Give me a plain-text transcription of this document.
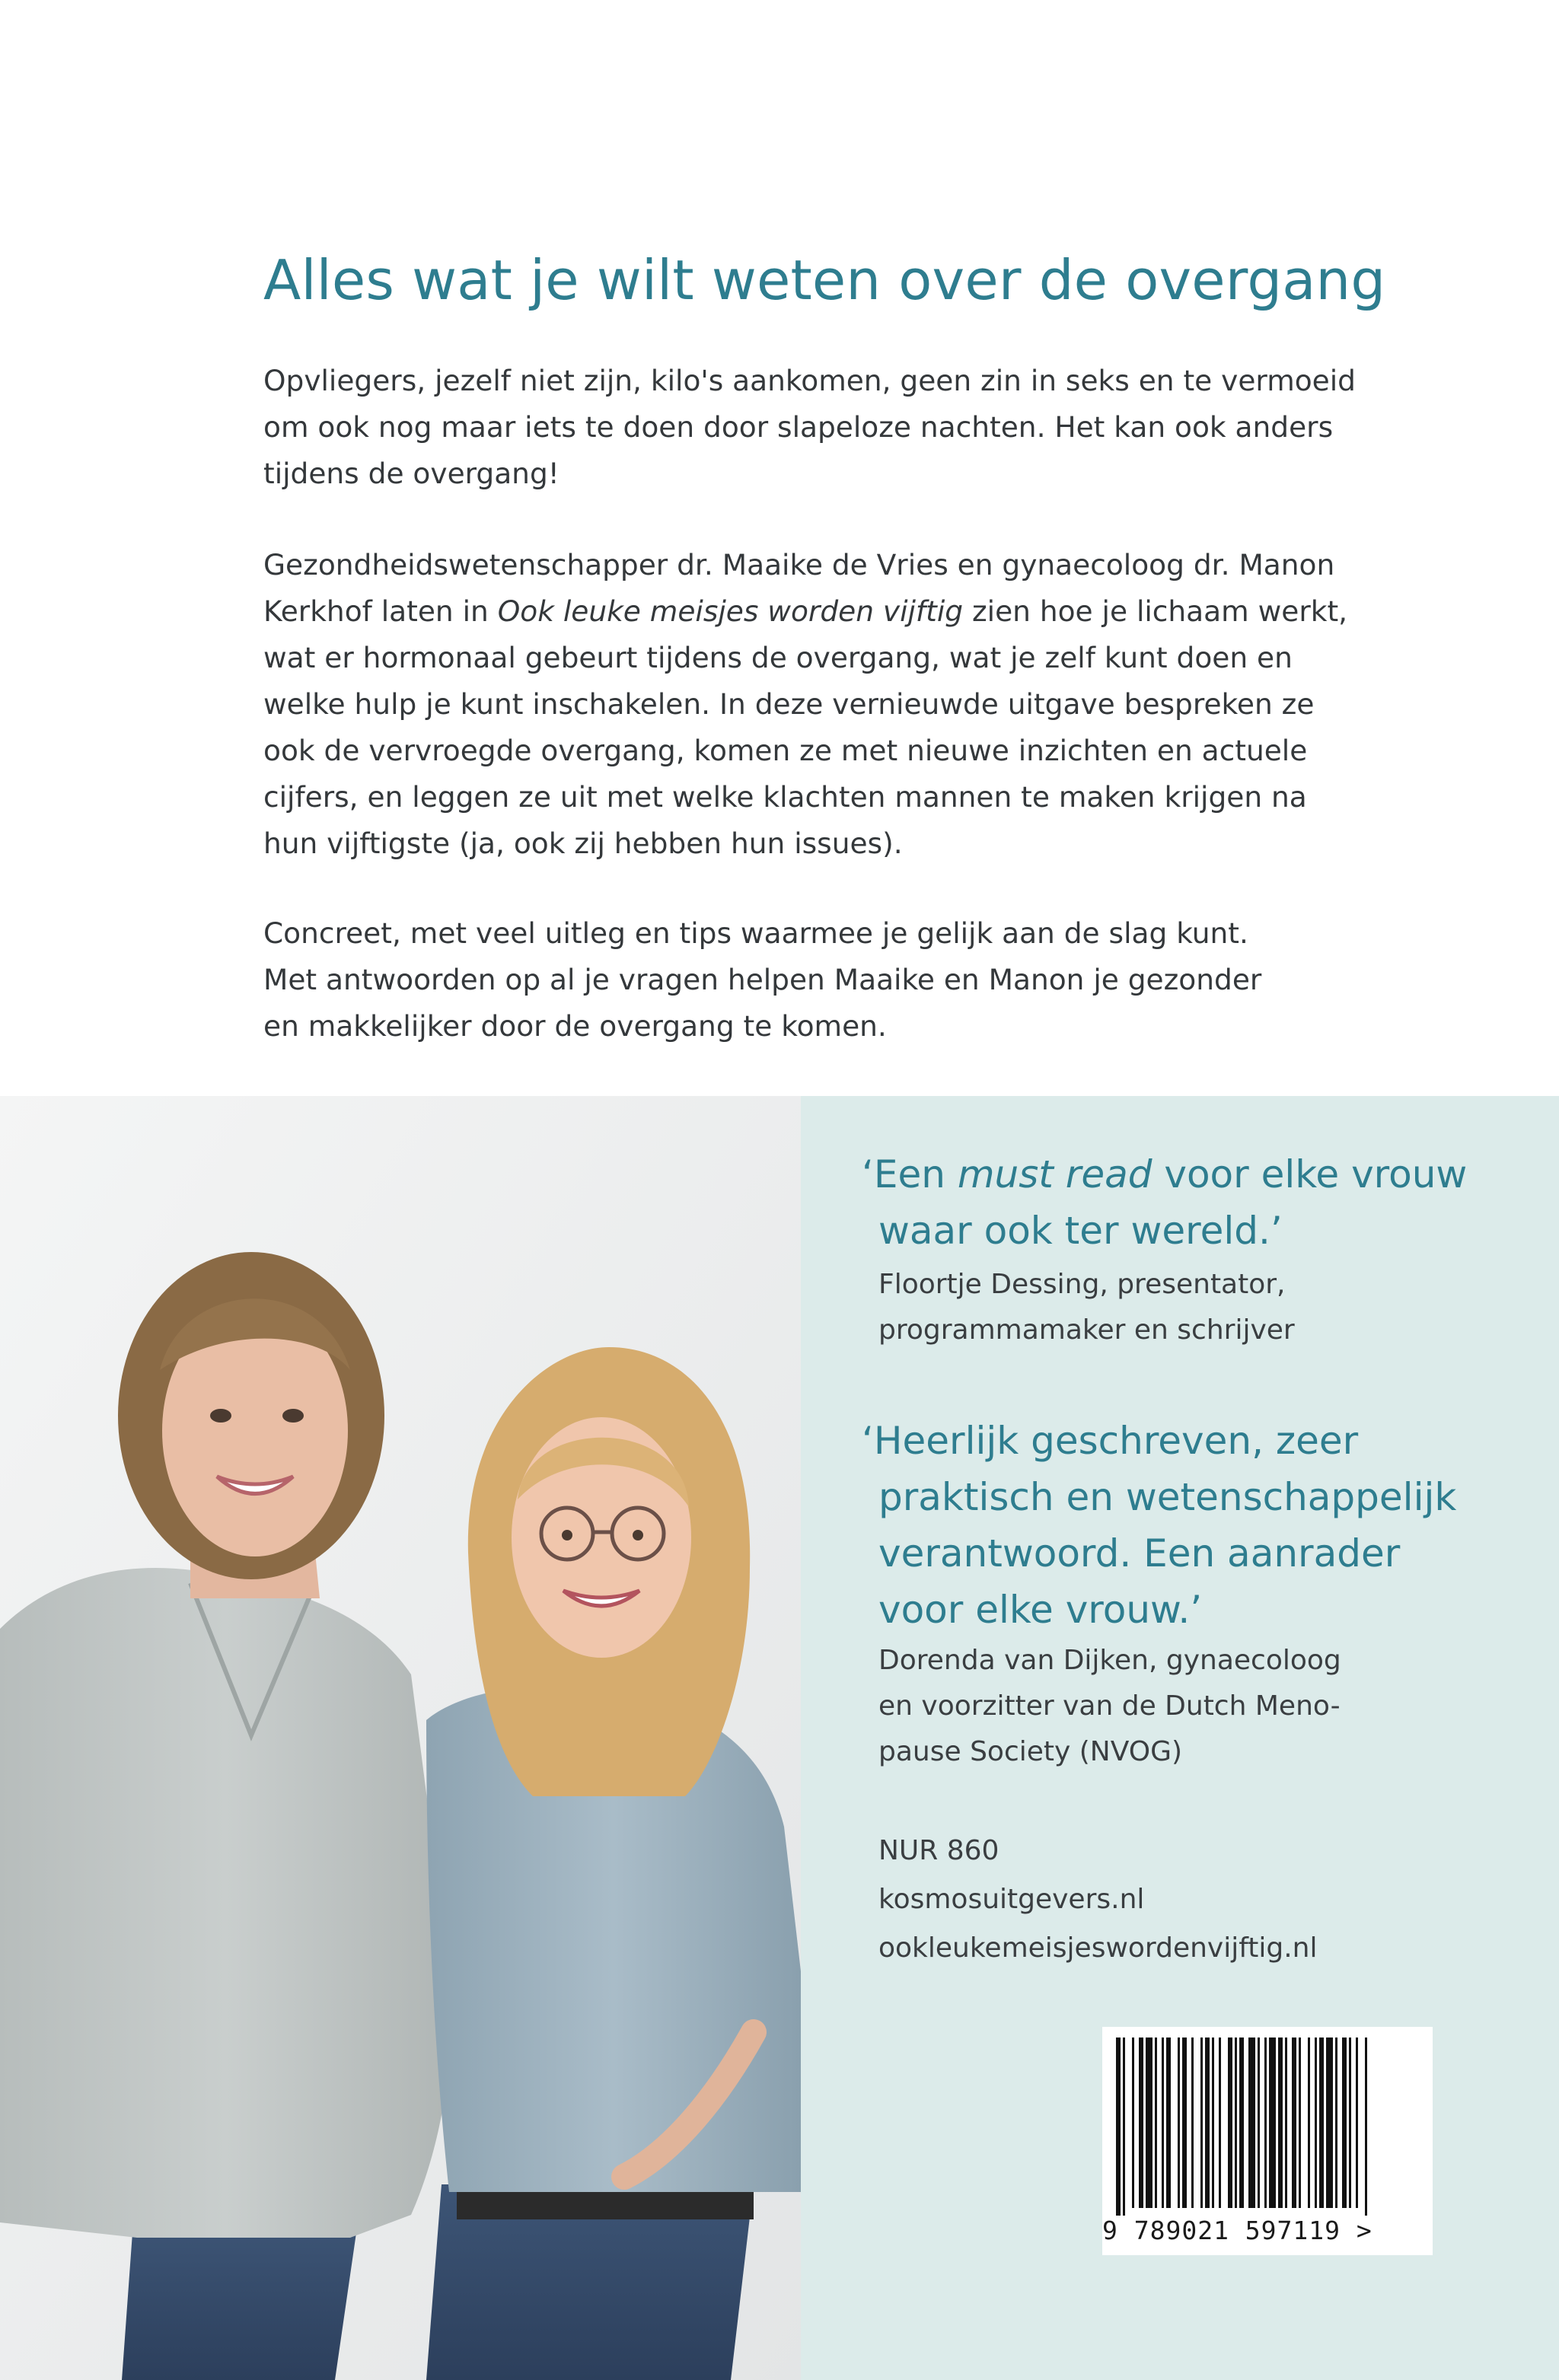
Alles wat je wilt weten over de overgang

Opvliegers, jezelf niet zijn, kilo's aankomen, geen zin in seks en te vermoeid
om ook nog maar iets te doen door slapeloze nachten. Het kan ook anders
tijdens de overgang!

Gezondheidswetenschapper dr. Maaike de Vries en gynaecoloog dr. Manon
Kerkhof laten in Ook leuke meisjes worden vijftig zien hoe je lichaam werkt,
wat er hormonaal gebeurt tijdens de overgang, wat je zelf kunt doen en
welke hulp je kunt inschakelen. In deze vernieuwde uitgave bespreken ze
ook de vervroegde overgang, komen ze met nieuwe inzichten en actuele
cijfers, en leggen ze uit met welke klachten mannen te maken krijgen na
hun vijftigste (ja, ook zij hebben hun issues).

Concreet, met veel uitleg en tips waarmee je gelijk aan de slag kunt.
Met antwoorden op al je vragen helpen Maaike en Manon je gezonder
en makkelijker door de overgang te komen.

‘Een must read voor elke vrouw
waar ook ter wereld.’

Floortje Dessing, presentator,
programmamaker en schrijver

‘Heerlijk geschreven, zeer
praktisch en wetenschappelijk
verantwoord. Een aanrader
voor elke vrouw.’

Dorenda van Dijken, gynaecoloog
en voorzitter van de Dutch Meno-
pause Society (NVOG)

NUR 860
kosmosuitgevers.nl
ookleukemeisjeswordenvijftig.nl
9 789021 597119 >
